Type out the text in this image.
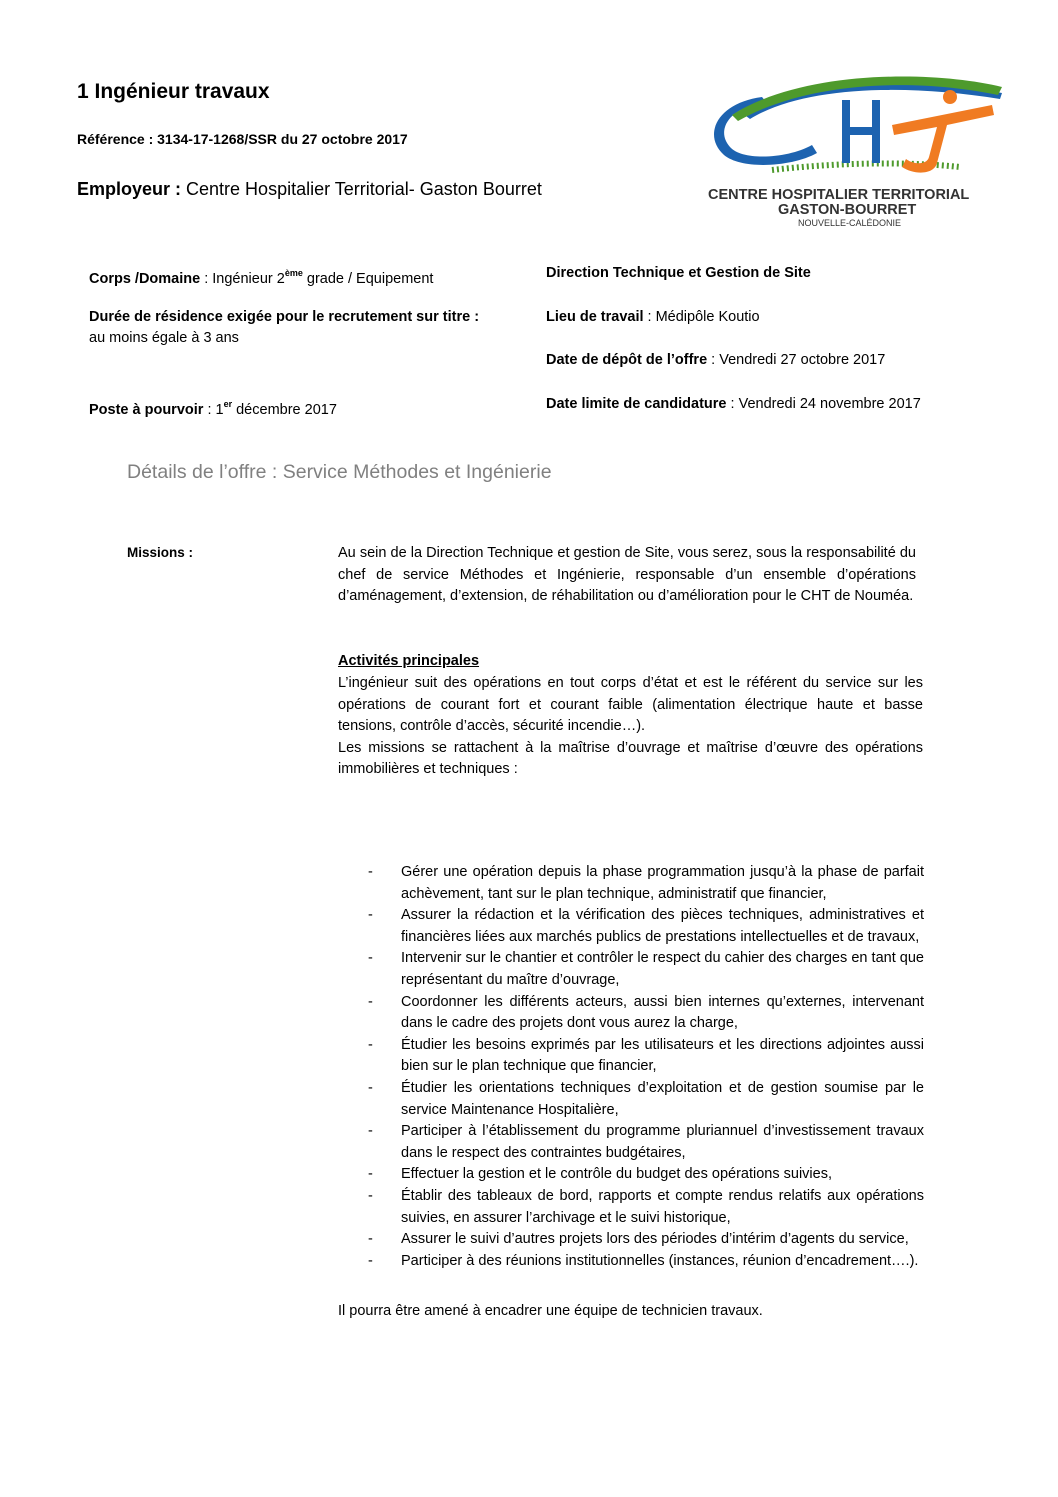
1 Ingénieur travaux
Référence : 3134-17-1268/SSR du 27 octobre 2017
Employeur : Centre Hospitalier Territorial- Gaston Bourret	CENTRE HOSPITALIER TERRITORIAL
GASTON-BOURRET
NOUVELLE-CALÉDONIE
Corps /Domaine : Ingénieur 2ème grade / Equipement	Direction Technique et Gestion de Site
Durée de résidence exigée pour le recrutement sur titre :
au moins égale à 3 ans
Lieu de travail : Médipôle Koutio
Date de dépôt de l’offre : Vendredi 27 octobre 2017
Poste à pourvoir : 1er décembre 2017	Date limite de candidature : Vendredi 24 novembre 2017
Détails de l’offre : Service Méthodes et Ingénierie
Missions :	Au sein de la Direction Technique et gestion de Site, vous serez, sous la responsabilité du chef de service Méthodes et Ingénierie, responsable d’un ensemble d’opérations d’aménagement, d’extension, de réhabilitation ou d’amélioration pour le CHT de Nouméa.
Activités principales
L’ingénieur suit des opérations en tout corps d’état et est le référent du service sur les opérations de courant fort et courant faible (alimentation électrique haute et basse tensions, contrôle d’accès, sécurité incendie…).
Les missions se rattachent à la maîtrise d’ouvrage et maîtrise d’œuvre des opérations immobilières et techniques :
- Gérer une opération depuis la phase programmation jusqu’à la phase de parfait achèvement, tant sur le plan technique, administratif que financier,
- Assurer la rédaction et la vérification des pièces techniques, administratives et financières liées aux marchés publics de prestations intellectuelles et de travaux,
- Intervenir sur le chantier et contrôler le respect du cahier des charges en tant que représentant du maître d’ouvrage,
- Coordonner les différents acteurs, aussi bien internes qu’externes, intervenant dans le cadre des projets dont vous aurez la charge,
- Étudier les besoins exprimés par les utilisateurs et les directions adjointes aussi bien sur le plan technique que financier,
- Étudier les orientations techniques d’exploitation et de gestion soumise par le service Maintenance Hospitalière,
- Participer à l’établissement du programme pluriannuel d’investissement travaux dans le respect des contraintes budgétaires,
- Effectuer la gestion et le contrôle du budget des opérations suivies,
- Établir des tableaux de bord, rapports et compte rendus relatifs aux opérations suivies, en assurer l’archivage et le suivi historique,
- Assurer le suivi d’autres projets lors des périodes d’intérim d’agents du service,
- Participer à des réunions institutionnelles (instances, réunion d’encadrement….).
Il pourra être amené à encadrer une équipe de technicien travaux.
